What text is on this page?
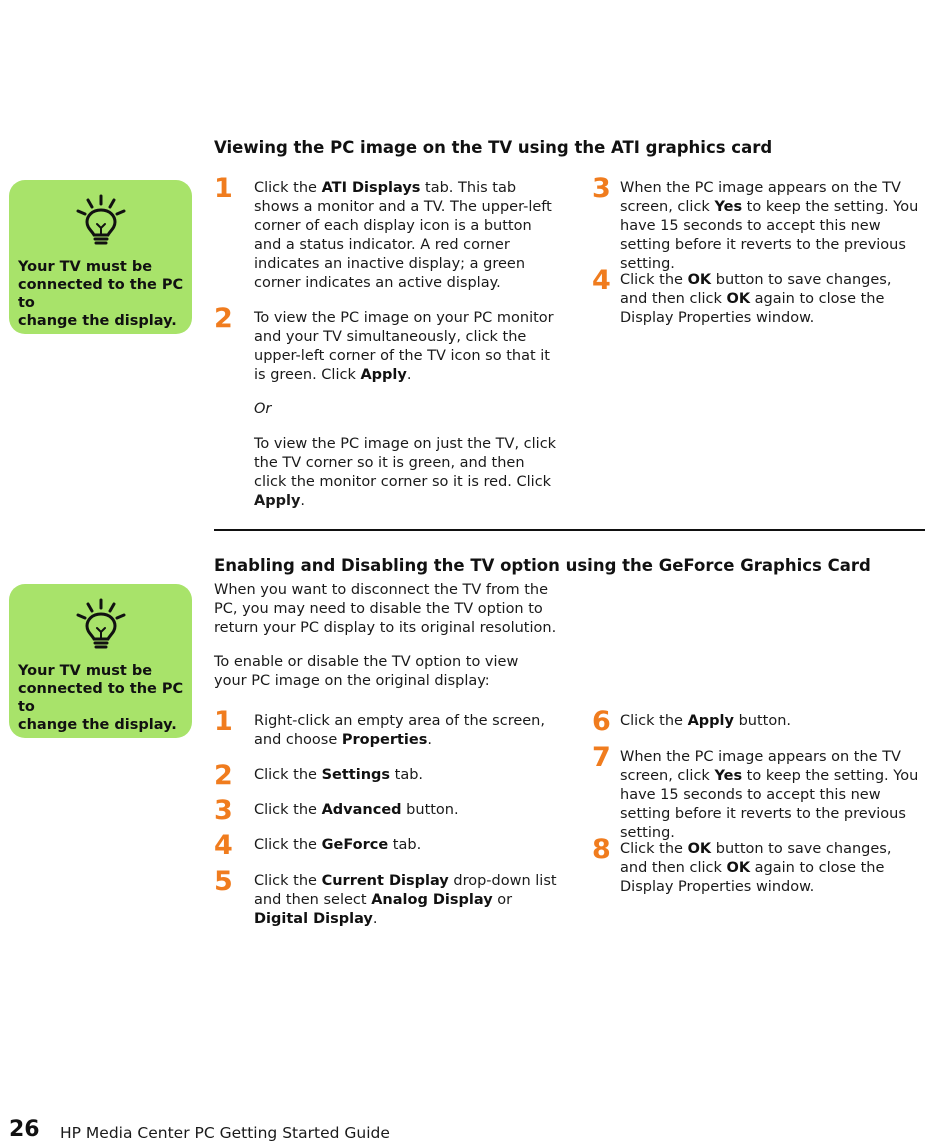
Your TV must be
connected to the PC to
change the display.
Viewing the PC image on the TV using the ATI graphics card
1 Click the ATI Displays tab. This tab shows a monitor and a TV. The upper-left corner of each display icon is a button and a status indicator. A red corner indicates an inactive display; a green corner indicates an active display.
2 To view the PC image on your PC monitor and your TV simultaneously, click the upper-left corner of the TV icon so that it is green. Click Apply.
Or
To view the PC image on just the TV, click the TV corner so it is green, and then click the monitor corner so it is red. Click Apply.
3 When the PC image appears on the TV screen, click Yes to keep the setting. You have 15 seconds to accept this new setting before it reverts to the previous setting.
4 Click the OK button to save changes, and then click OK again to close the Display Properties window.
Your TV must be
connected to the PC to
change the display.
Enabling and Disabling the TV option using the GeForce Graphics Card
When you want to disconnect the TV from the PC, you may need to disable the TV option to return your PC display to its original resolution.
To enable or disable the TV option to view your PC image on the original display:
1 Right-click an empty area of the screen, and choose Properties.
2 Click the Settings tab.
3 Click the Advanced button.
4 Click the GeForce tab.
5 Click the Current Display drop-down list and then select Analog Display or Digital Display.
6 Click the Apply button.
7 When the PC image appears on the TV screen, click Yes to keep the setting. You have 15 seconds to accept this new setting before it reverts to the previous setting.
8 Click the OK button to save changes, and then click OK again to close the Display Properties window.
26 HP Media Center PC Getting Started Guide
